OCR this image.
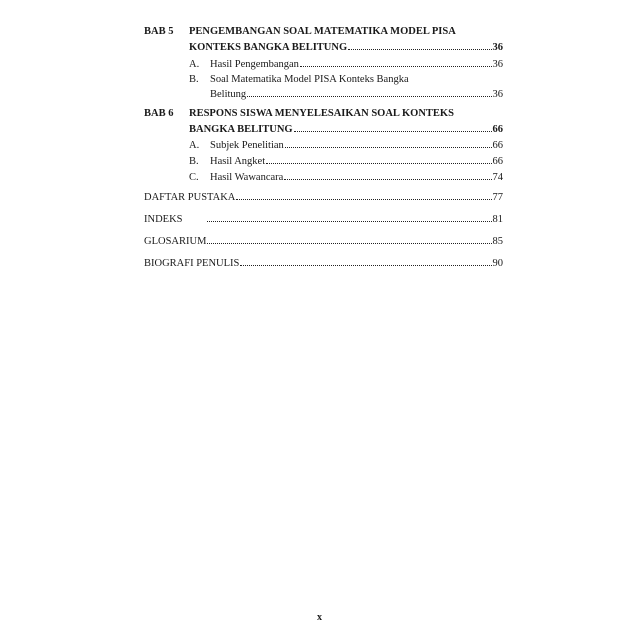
BAB 5 PENGEMBANGAN SOAL MATEMATIKA MODEL PISA
KONTEKS BANGKA BELITUNG	36
A. Hasil Pengembangan	36
B. Soal Matematika Model PISA Konteks Bangka
Belitung	36
BAB 6 RESPONS SISWA MENYELESAIKAN SOAL KONTEKS
BANGKA BELITUNG	66
A. Subjek Penelitian	66
B. Hasil Angket	66
C. Hasil Wawancara	74
DAFTAR PUSTAKA	77
INDEKS	81
GLOSARIUM	85
BIOGRAFI PENULIS	90
x
